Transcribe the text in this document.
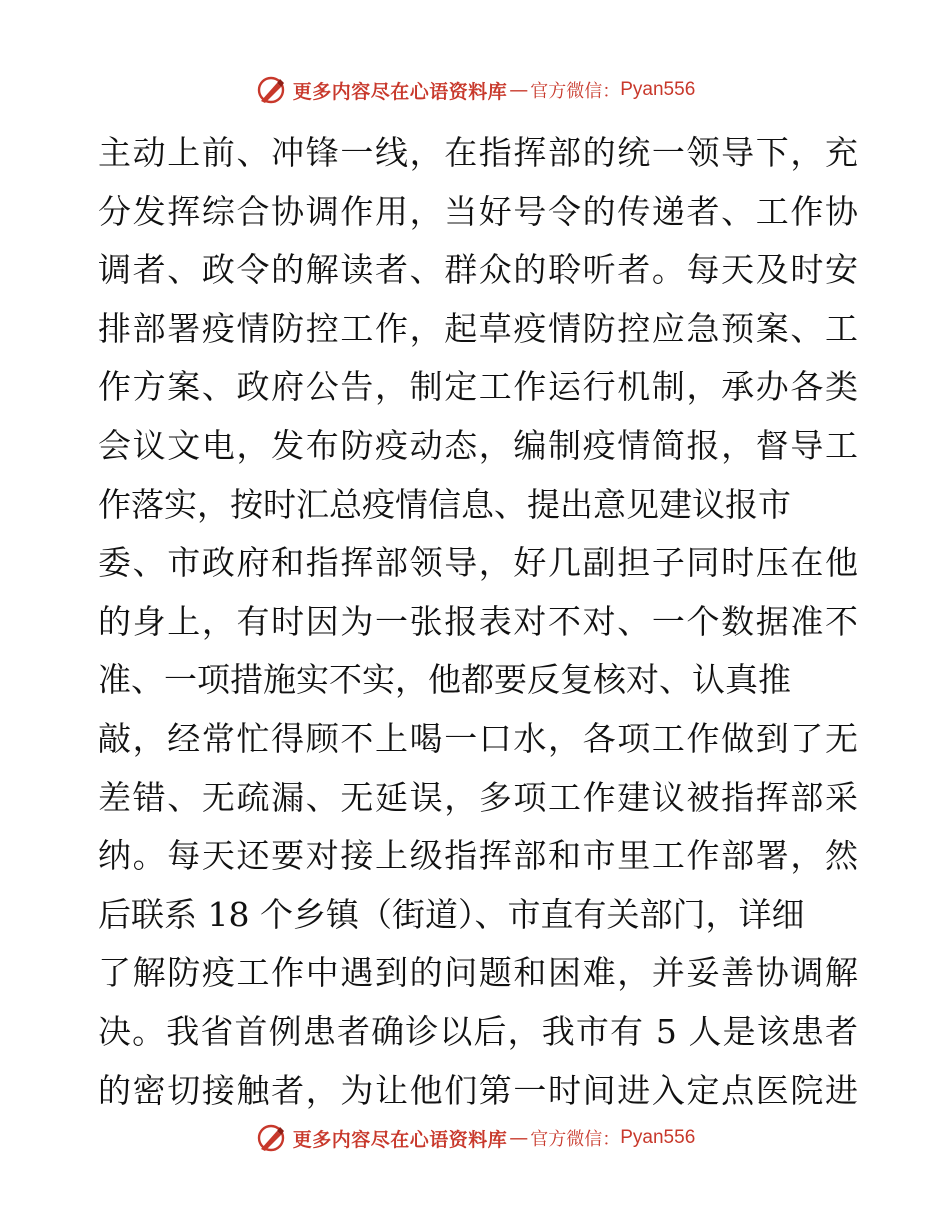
更多内容尽在心语资料库 — 官方微信： Pyan556
主动上前、冲锋一线，在指挥部的统一领导下，充
分发挥综合协调作用，当好号令的传递者、工作协
调者、政令的解读者、群众的聆听者。每天及时安
排部署疫情防控工作，起草疫情防控应急预案、工
作方案、政府公告，制定工作运行机制，承办各类
会议文电，发布防疫动态，编制疫情简报，督导工
作落实，按时汇总疫情信息、提出意见建议报市
委、市政府和指挥部领导，好几副担子同时压在他
的身上，有时因为一张报表对不对、一个数据准不
准、一项措施实不实，他都要反复核对、认真推
敲，经常忙得顾不上喝一口水，各项工作做到了无
差错、无疏漏、无延误，多项工作建议被指挥部采
纳。每天还要对接上级指挥部和市里工作部署，然
后联系 18 个乡镇（街道）、市直有关部门，详细
了解防疫工作中遇到的问题和困难，并妥善协调解
决。我省首例患者确诊以后，我市有 5 人是该患者
的密切接触者，为让他们第一时间进入定点医院进
更多内容尽在心语资料库 — 官方微信： Pyan556
